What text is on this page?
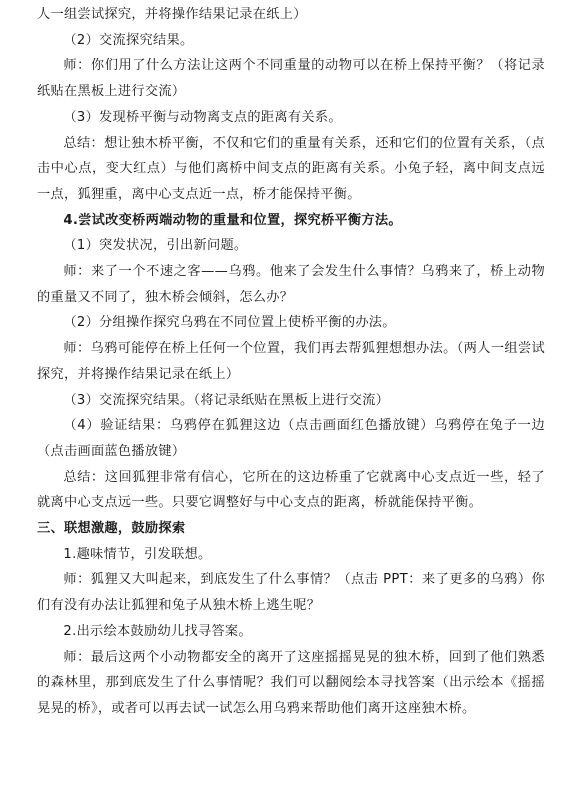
人一组尝试探究，并将操作结果记录在纸上）

（2）交流探究结果。

师：你们用了什么方法让这两个不同重量的动物可以在桥上保持平衡？（将记录纸贴在黑板上进行交流）

（3）发现桥平衡与动物离支点的距离有关系。

总结：想让独木桥平衡，不仅和它们的重量有关系，还和它们的位置有关系，（点击中心点，变大红点）与他们离桥中间支点的距离有关系。小兔子轻，离中间支点远一点，狐狸重，离中心支点近一点，桥才能保持平衡。

4.尝试改变桥两端动物的重量和位置，探究桥平衡方法。

（1）突发状况，引出新问题。

师：来了一个不速之客——乌鸦。他来了会发生什么事情？乌鸦来了，桥上动物的重量又不同了，独木桥会倾斜，怎么办？

（2）分组操作探究乌鸦在不同位置上使桥平衡的办法。

师：乌鸦可能停在桥上任何一个位置，我们再去帮狐狸想想办法。（两人一组尝试探究，并将操作结果记录在纸上）

（3）交流探究结果。（将记录纸贴在黑板上进行交流）

（4）验证结果：乌鸦停在狐狸这边（点击画面红色播放键）乌鸦停在兔子一边（点击画面蓝色播放键）

总结：这回狐狸非常有信心，它所在的这边桥重了它就离中心支点近一些，轻了就离中心支点远一些。只要它调整好与中心支点的距离，桥就能保持平衡。

三、联想激趣，鼓励探索

1.趣味情节，引发联想。

师：狐狸又大叫起来，到底发生了什么事情？（点击 PPT：来了更多的乌鸦）你们有没有办法让狐狸和兔子从独木桥上逃生呢？

2.出示绘本鼓励幼儿找寻答案。

师：最后这两个小动物都安全的离开了这座摇摇晃晃的独木桥，回到了他们熟悉的森林里，那到底发生了什么事情呢？我们可以翻阅绘本寻找答案（出示绘本《摇摇晃晃的桥》，或者可以再去试一试怎么用乌鸦来帮助他们离开这座独木桥。
